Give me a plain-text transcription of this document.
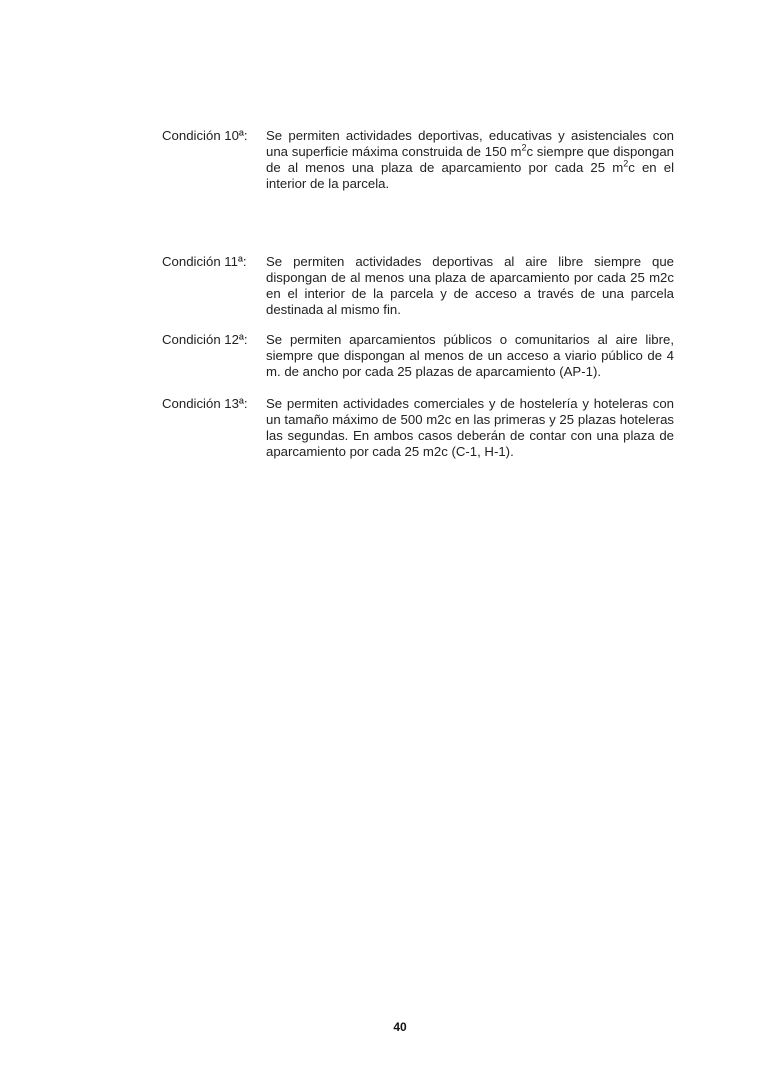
Condición 10ª:	Se permiten actividades deportivas, educativas y asistenciales con una superficie máxima construida de 150 $m^2c$ siempre que dispongan de al menos una plaza de aparcamiento por cada 25 $m^2c$ en el interior de la parcela.
Condición 11ª:	Se permiten actividades deportivas al aire libre siempre que dispongan de al menos una plaza de aparcamiento por cada 25 m2c en el interior de la parcela y de acceso a través de una parcela destinada al mismo fin.
Condición 12ª:	Se permiten aparcamientos públicos o comunitarios al aire libre, siempre que dispongan al menos de un acceso a viario público de 4 m. de ancho por cada 25 plazas de aparcamiento (AP-1).
Condición 13ª:	Se permiten actividades comerciales y de hostelería y hoteleras con un tamaño máximo de 500 m2c en las primeras y 25 plazas hoteleras las segundas. En ambos casos deberán de contar con una plaza de aparcamiento por cada 25 m2c (C-1, H-1).
40
